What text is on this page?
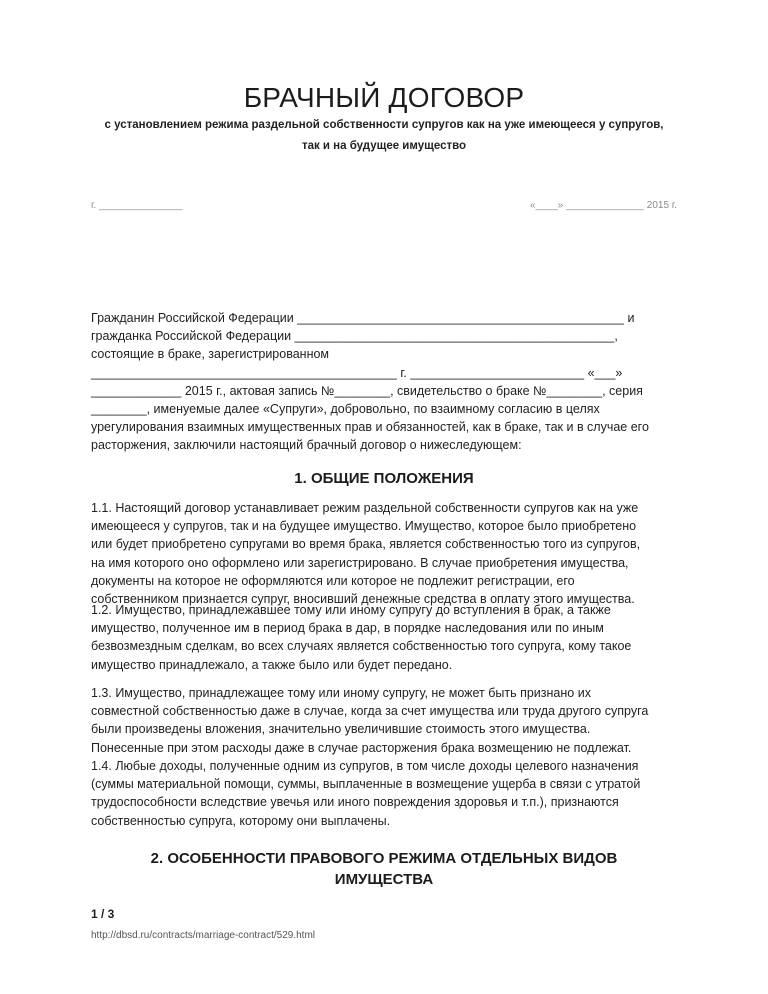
БРАЧНЫЙ ДОГОВОР
с установлением режима раздельной собственности супругов как на уже имеющееся у супругов,
так и на будущее имущество
г. _______________	«____» ______________ 2015 г.
Гражданин Российской Федерации _______________________________________________ и
гражданка Российской Федерации ______________________________________________,
состоящие в браке, зарегистрированном
____________________________________________ г. _________________________ «___»
_____________ 2015 г., актовая запись №________, свидетельство о браке №________, серия
________, именуемые далее «Супруги», добровольно, по взаимному согласию в целях
урегулирования взаимных имущественных прав и обязанностей, как в браке, так и в случае его
расторжения, заключили настоящий брачный договор о нижеследующем:
1. ОБЩИЕ ПОЛОЖЕНИЯ
1.1. Настоящий договор устанавливает режим раздельной собственности супругов как на уже
имеющееся у супругов, так и на будущее имущество. Имущество, которое было приобретено
или будет приобретено супругами во время брака, является собственностью того из супругов,
на имя которого оно оформлено или зарегистрировано. В случае приобретения имущества,
документы на которое не оформляются или которое не подлежит регистрации, его
собственником признается супруг, вносивший денежные средства в оплату этого имущества.
1.2. Имущество, принадлежавшее тому или иному супругу до вступления в брак, а также
имущество, полученное им в период брака в дар, в порядке наследования или по иным
безвозмездным сделкам, во всех случаях является собственностью того супруга, кому такое
имущество принадлежало, а также было или будет передано.
1.3. Имущество, принадлежащее тому или иному супругу, не может быть признано их
совместной собственностью даже в случае, когда за счет имущества или труда другого супруга
были произведены вложения, значительно увеличившие стоимость этого имущества.
Понесенные при этом расходы даже в случае расторжения брака возмещению не подлежат.
1.4. Любые доходы, полученные одним из супругов, в том числе доходы целевого назначения
(суммы материальной помощи, суммы, выплаченные в возмещение ущерба в связи с утратой
трудоспособности вследствие увечья или иного повреждения здоровья и т.п.), признаются
собственностью супруга, которому они выплачены.
2. ОСОБЕННОСТИ ПРАВОВОГО РЕЖИМА ОТДЕЛЬНЫХ ВИДОВ
ИМУЩЕСТВА
1 / 3
http://dbsd.ru/contracts/marriage-contract/529.html
